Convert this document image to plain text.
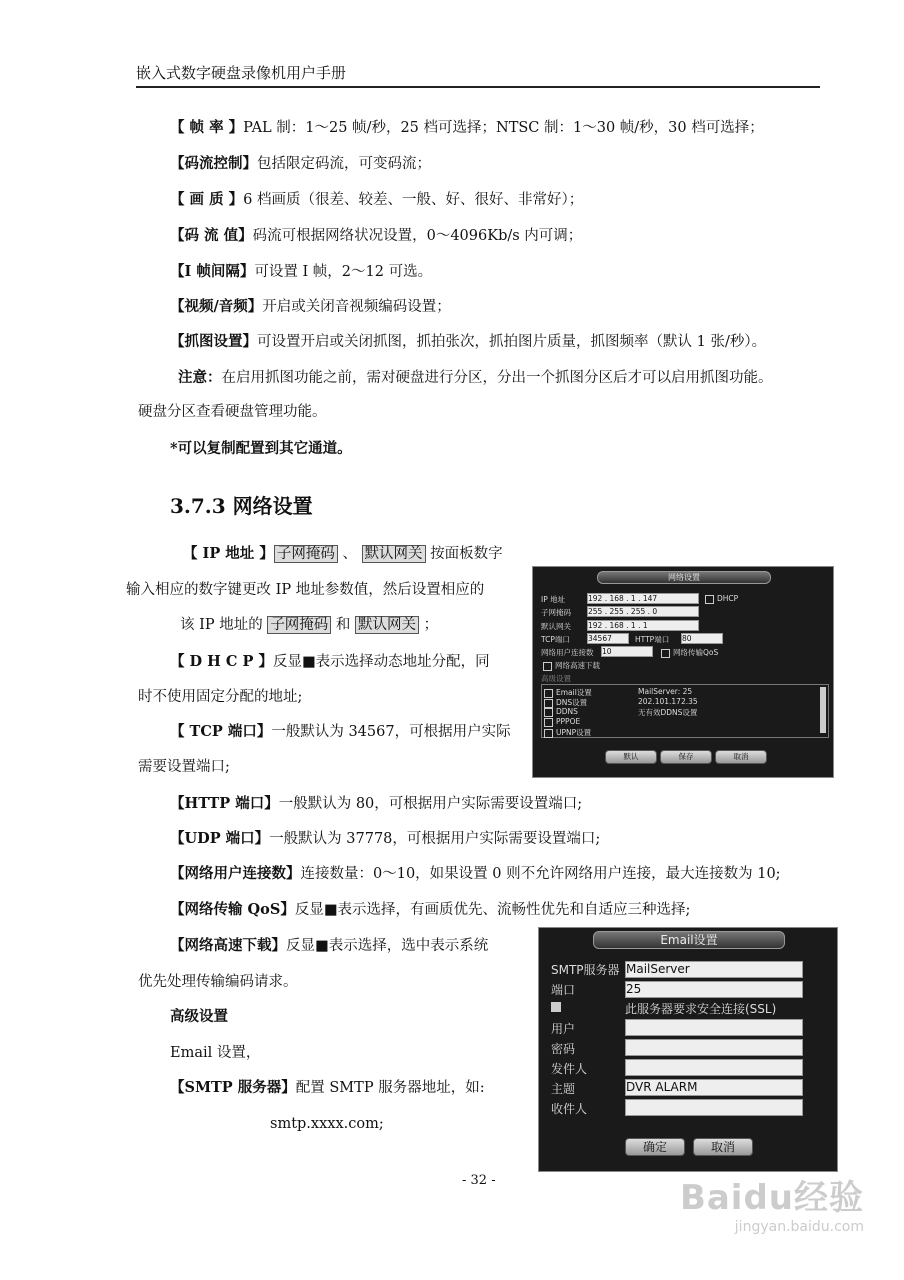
嵌入式数字硬盘录像机用户手册
【 帧 率 】PAL 制：1～25 帧/秒，25 档可选择；NTSC 制：1～30 帧/秒，30 档可选择；
【码流控制】包括限定码流，可变码流；
【 画 质 】6 档画质（很差、较差、一般、好、很好、非常好）；
【码 流 值】码流可根据网络状况设置，0～4096Kb/s 内可调；
【I 帧间隔】可设置 I 帧，2～12 可选。
【视频/音频】开启或关闭音视频编码设置；
【抓图设置】可设置开启或关闭抓图，抓拍张次，抓拍图片质量，抓图频率（默认 1 张/秒）。
注意：在启用抓图功能之前，需对硬盘进行分区，分出一个抓图分区后才可以启用抓图功能。
硬盘分区查看硬盘管理功能。
*可以复制配置到其它通道。
3.7.3 网络设置
【 IP 地址 】 子网掩码 、 默认网关 按面板数字
输入相应的数字键更改 IP 地址参数值，然后设置相应的
该 IP 地址的 子网掩码 和 默认网关 ；
【 D H C P 】反显■表示选择动态地址分配，同
时不使用固定分配的地址;
【 TCP 端口】一般默认为 34567，可根据用户实际
需要设置端口;
【HTTP 端口】一般默认为 80，可根据用户实际需要设置端口;
【UDP 端口】一般默认为 37778，可根据用户实际需要设置端口;
【网络用户连接数】连接数量：0～10，如果设置 0 则不允许网络用户连接，最大连接数为 10;
【网络传输 QoS】反显■表示选择，有画质优先、流畅性优先和自适应三种选择;
【网络高速下载】反显■表示选择，选中表示系统
优先处理传输编码请求。
高级设置
Email 设置，
【SMTP 服务器】配置 SMTP 服务器地址，如:
smtp.xxxx.com;
网络设置
IP 地址	192 . 168 . 1 . 147	DHCP
子网掩码 255 . 255 . 255 . 0
默认网关 192 . 168 . 1 . 1
TCP端口 34567	HTTP端口 80
网络用户连接数 10	网络传输QoS
网络高速下载
高级设置
Email设置	MailServer: 25
DNS设置	202.101.172.35
DDNS	无有效DDNS设置
PPPOE
UPNP设置
默认	保存	取消
Email设置
SMTP服务器 MailServer
端口	25
此服务器要求安全连接(SSL)
用户
密码
发件人
主题	DVR ALARM
收件人
确定	取消
- 32 -	Baidu经验
jingyan.baidu.com
